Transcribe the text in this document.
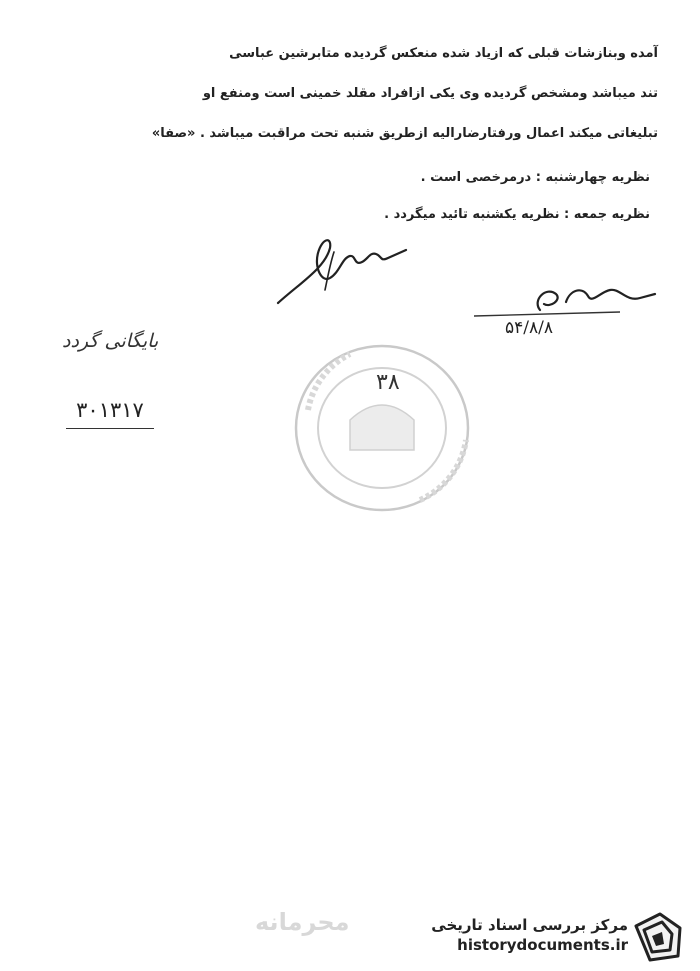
آمده وبنازشات قبلی که ازیاد شده منعکس گردیده متابرشین عباسی
تند میباشد ومشخص گردیده وی یکی ازافراد مقلد خمینی است ومنفع او
تبلیغاتی میکند اعمال ورفتارضاراليه ازطریق شنبه تحت مراقبت میباشد . «صفا»
نظریه چهارشنبه : درمرخصی است .
نظریه جمعه : نظریه یکشنبه تائید میگردد .
۵۴/۸/۸
بایگانی گردد
۳۰۱۳۱۷
۳۸
محرمانه	مرکز بررسی اسناد تاریخی
historydocuments.ir
